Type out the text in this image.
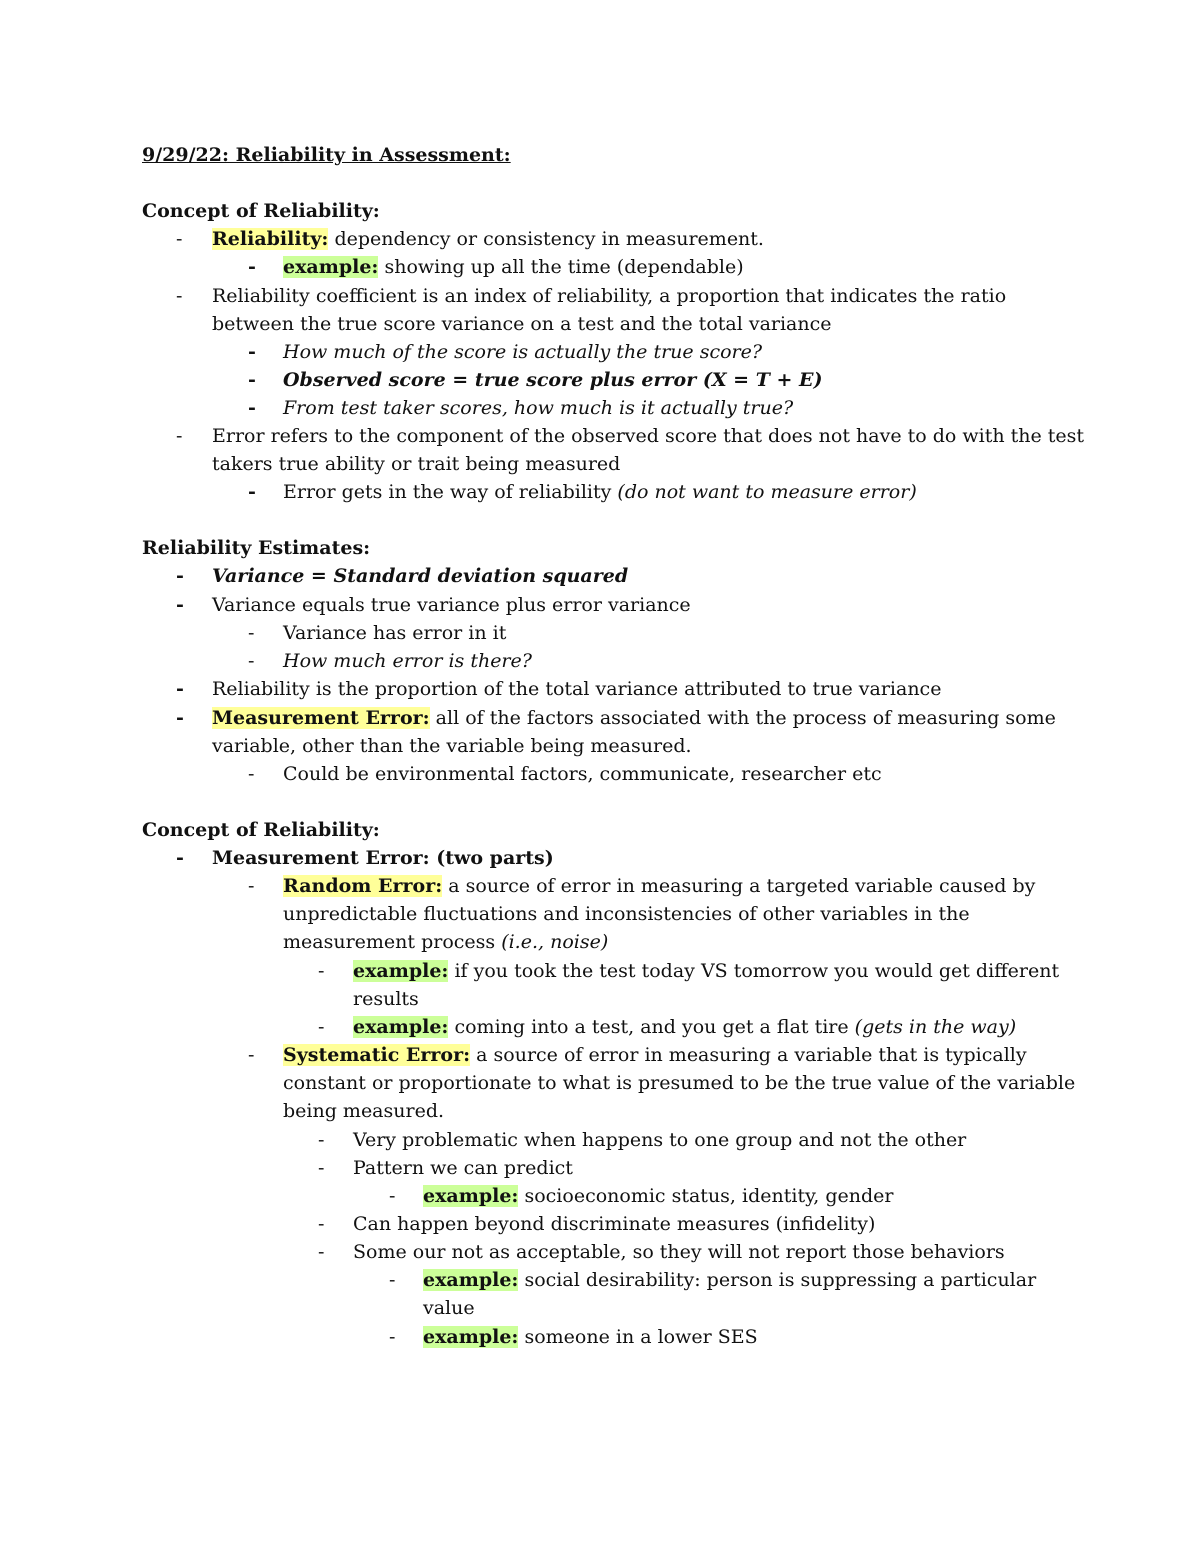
9/29/22: Reliability in Assessment:
Concept of Reliability:
- Reliability: dependency or consistency in measurement.
- example: showing up all the time (dependable)
- Reliability coefficient is an index of reliability, a proportion that indicates the ratio
between the true score variance on a test and the total variance
- How much of the score is actually the true score?
- Observed score = true score plus error (X = T + E)
- From test taker scores, how much is it actually true?
- Error refers to the component of the observed score that does not have to do with the test
takers true ability or trait being measured
- Error gets in the way of reliability (do not want to measure error)
Reliability Estimates:
- Variance = Standard deviation squared
- Variance equals true variance plus error variance
- Variance has error in it
- How much error is there?
- Reliability is the proportion of the total variance attributed to true variance
- Measurement Error: all of the factors associated with the process of measuring some
variable, other than the variable being measured.
- Could be environmental factors, communicate, researcher etc
Concept of Reliability:
- Measurement Error: (two parts)
- Random Error: a source of error in measuring a targeted variable caused by
unpredictable fluctuations and inconsistencies of other variables in the
measurement process (i.e., noise)
- example: if you took the test today VS tomorrow you would get different
results
- example: coming into a test, and you get a flat tire (gets in the way)
- Systematic Error: a source of error in measuring a variable that is typically
constant or proportionate to what is presumed to be the true value of the variable
being measured.
- Very problematic when happens to one group and not the other
- Pattern we can predict
- example: socioeconomic status, identity, gender
- Can happen beyond discriminate measures (infidelity)
- Some our not as acceptable, so they will not report those behaviors
- example: social desirability: person is suppressing a particular
value
- example: someone in a lower SES
